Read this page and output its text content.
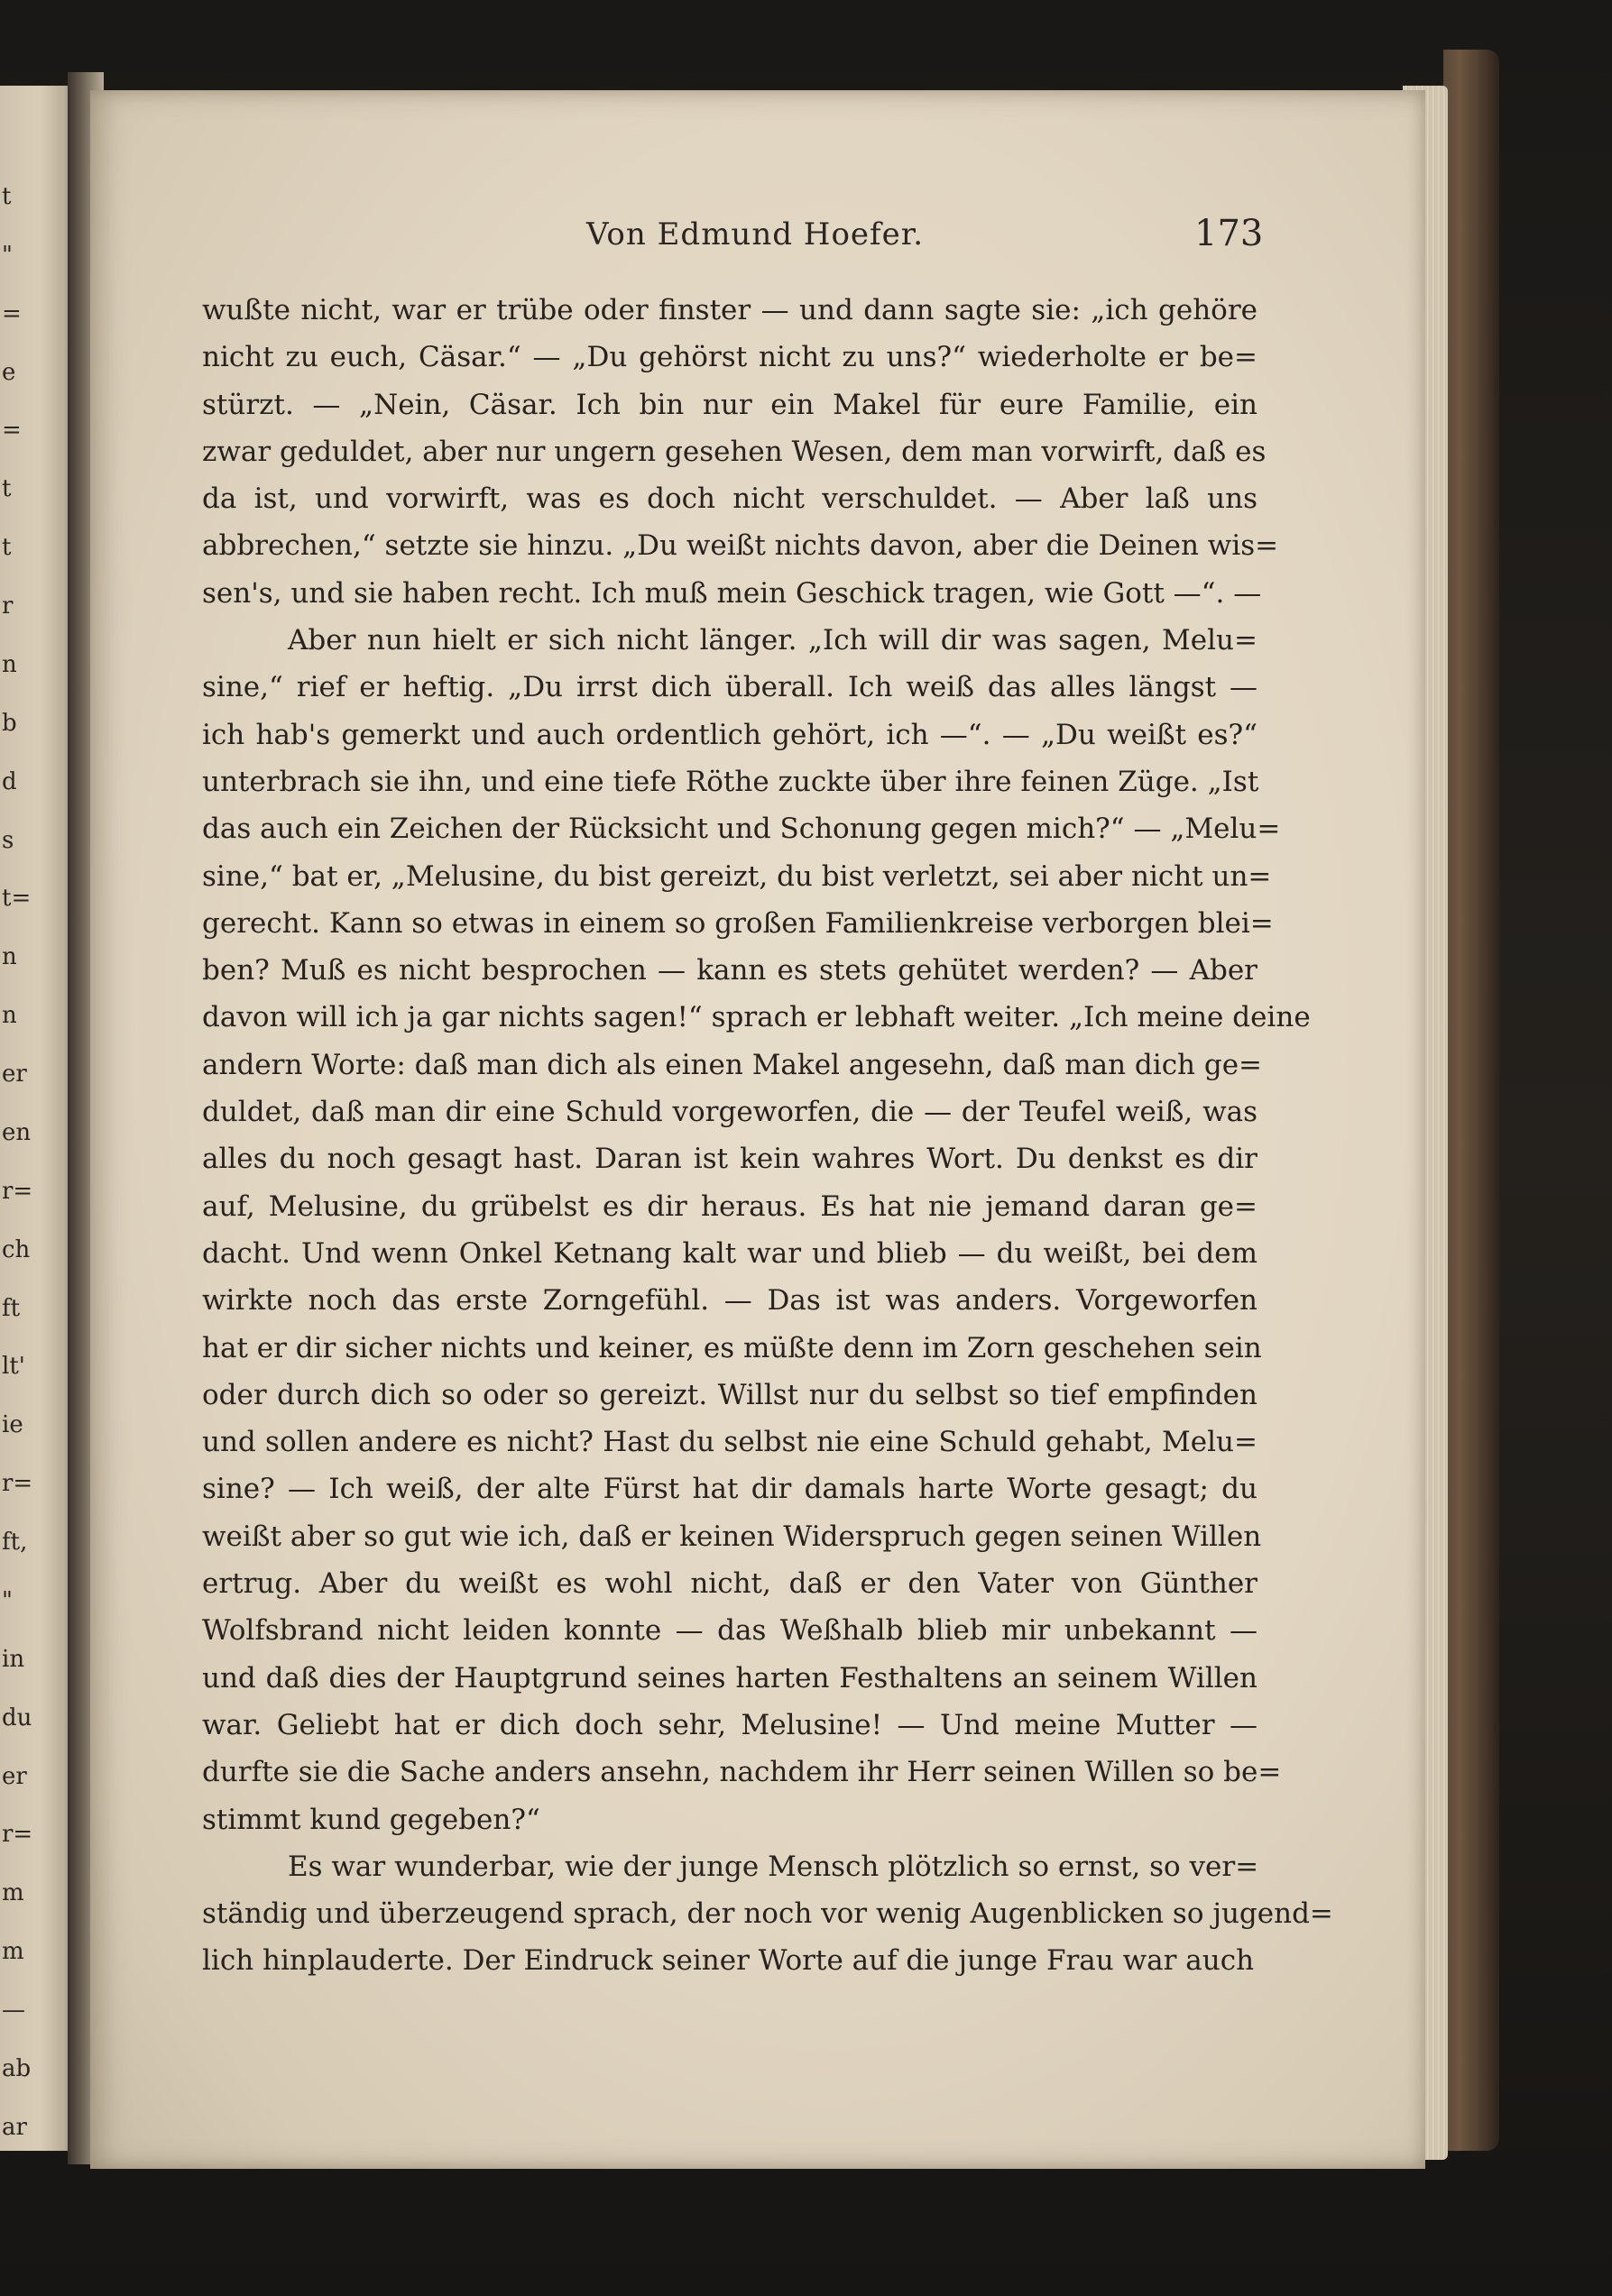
t
"
=
e
=
t
t
r
n
b
d
s
t=
n
n
er
en
r=
ch
ft
lt'
ie
r=
ft,
"
in
du
er
r=
m
m
—
ab
ar
Von Edmund Hoefer.	173
wußte nicht, war er trübe oder finster — und dann sagte sie: „ich gehöre
nicht zu euch, Cäsar.“ — „Du gehörst nicht zu uns?“ wiederholte er be=
stürzt. — „Nein, Cäsar. Ich bin nur ein Makel für eure Familie, ein
zwar geduldet, aber nur ungern gesehen Wesen, dem man vorwirft, daß es
da ist, und vorwirft, was es doch nicht verschuldet. — Aber laß uns
abbrechen,“ setzte sie hinzu. „Du weißt nichts davon, aber die Deinen wis=
sen's, und sie haben recht. Ich muß mein Geschick tragen, wie Gott —“. —
Aber nun hielt er sich nicht länger. „Ich will dir was sagen, Melu=
sine,“ rief er heftig. „Du irrst dich überall. Ich weiß das alles längst —
ich hab's gemerkt und auch ordentlich gehört, ich —“. — „Du weißt es?“
unterbrach sie ihn, und eine tiefe Röthe zuckte über ihre feinen Züge. „Ist
das auch ein Zeichen der Rücksicht und Schonung gegen mich?“ — „Melu=
sine,“ bat er, „Melusine, du bist gereizt, du bist verletzt, sei aber nicht un=
gerecht. Kann so etwas in einem so großen Familienkreise verborgen blei=
ben? Muß es nicht besprochen — kann es stets gehütet werden? — Aber
davon will ich ja gar nichts sagen!“ sprach er lebhaft weiter. „Ich meine deine
andern Worte: daß man dich als einen Makel angesehn, daß man dich ge=
duldet, daß man dir eine Schuld vorgeworfen, die — der Teufel weiß, was
alles du noch gesagt hast. Daran ist kein wahres Wort. Du denkst es dir
auf, Melusine, du grübelst es dir heraus. Es hat nie jemand daran ge=
dacht. Und wenn Onkel Ketnang kalt war und blieb — du weißt, bei dem
wirkte noch das erste Zorngefühl. — Das ist was anders. Vorgeworfen
hat er dir sicher nichts und keiner, es müßte denn im Zorn geschehen sein
oder durch dich so oder so gereizt. Willst nur du selbst so tief empfinden
und sollen andere es nicht? Hast du selbst nie eine Schuld gehabt, Melu=
sine? — Ich weiß, der alte Fürst hat dir damals harte Worte gesagt; du
weißt aber so gut wie ich, daß er keinen Widerspruch gegen seinen Willen
ertrug. Aber du weißt es wohl nicht, daß er den Vater von Günther
Wolfsbrand nicht leiden konnte — das Weßhalb blieb mir unbekannt —
und daß dies der Hauptgrund seines harten Festhaltens an seinem Willen
war. Geliebt hat er dich doch sehr, Melusine! — Und meine Mutter —
durfte sie die Sache anders ansehn, nachdem ihr Herr seinen Willen so be=
stimmt kund gegeben?“
Es war wunderbar, wie der junge Mensch plötzlich so ernst, so ver=
ständig und überzeugend sprach, der noch vor wenig Augenblicken so jugend=
lich hinplauderte. Der Eindruck seiner Worte auf die junge Frau war auch
